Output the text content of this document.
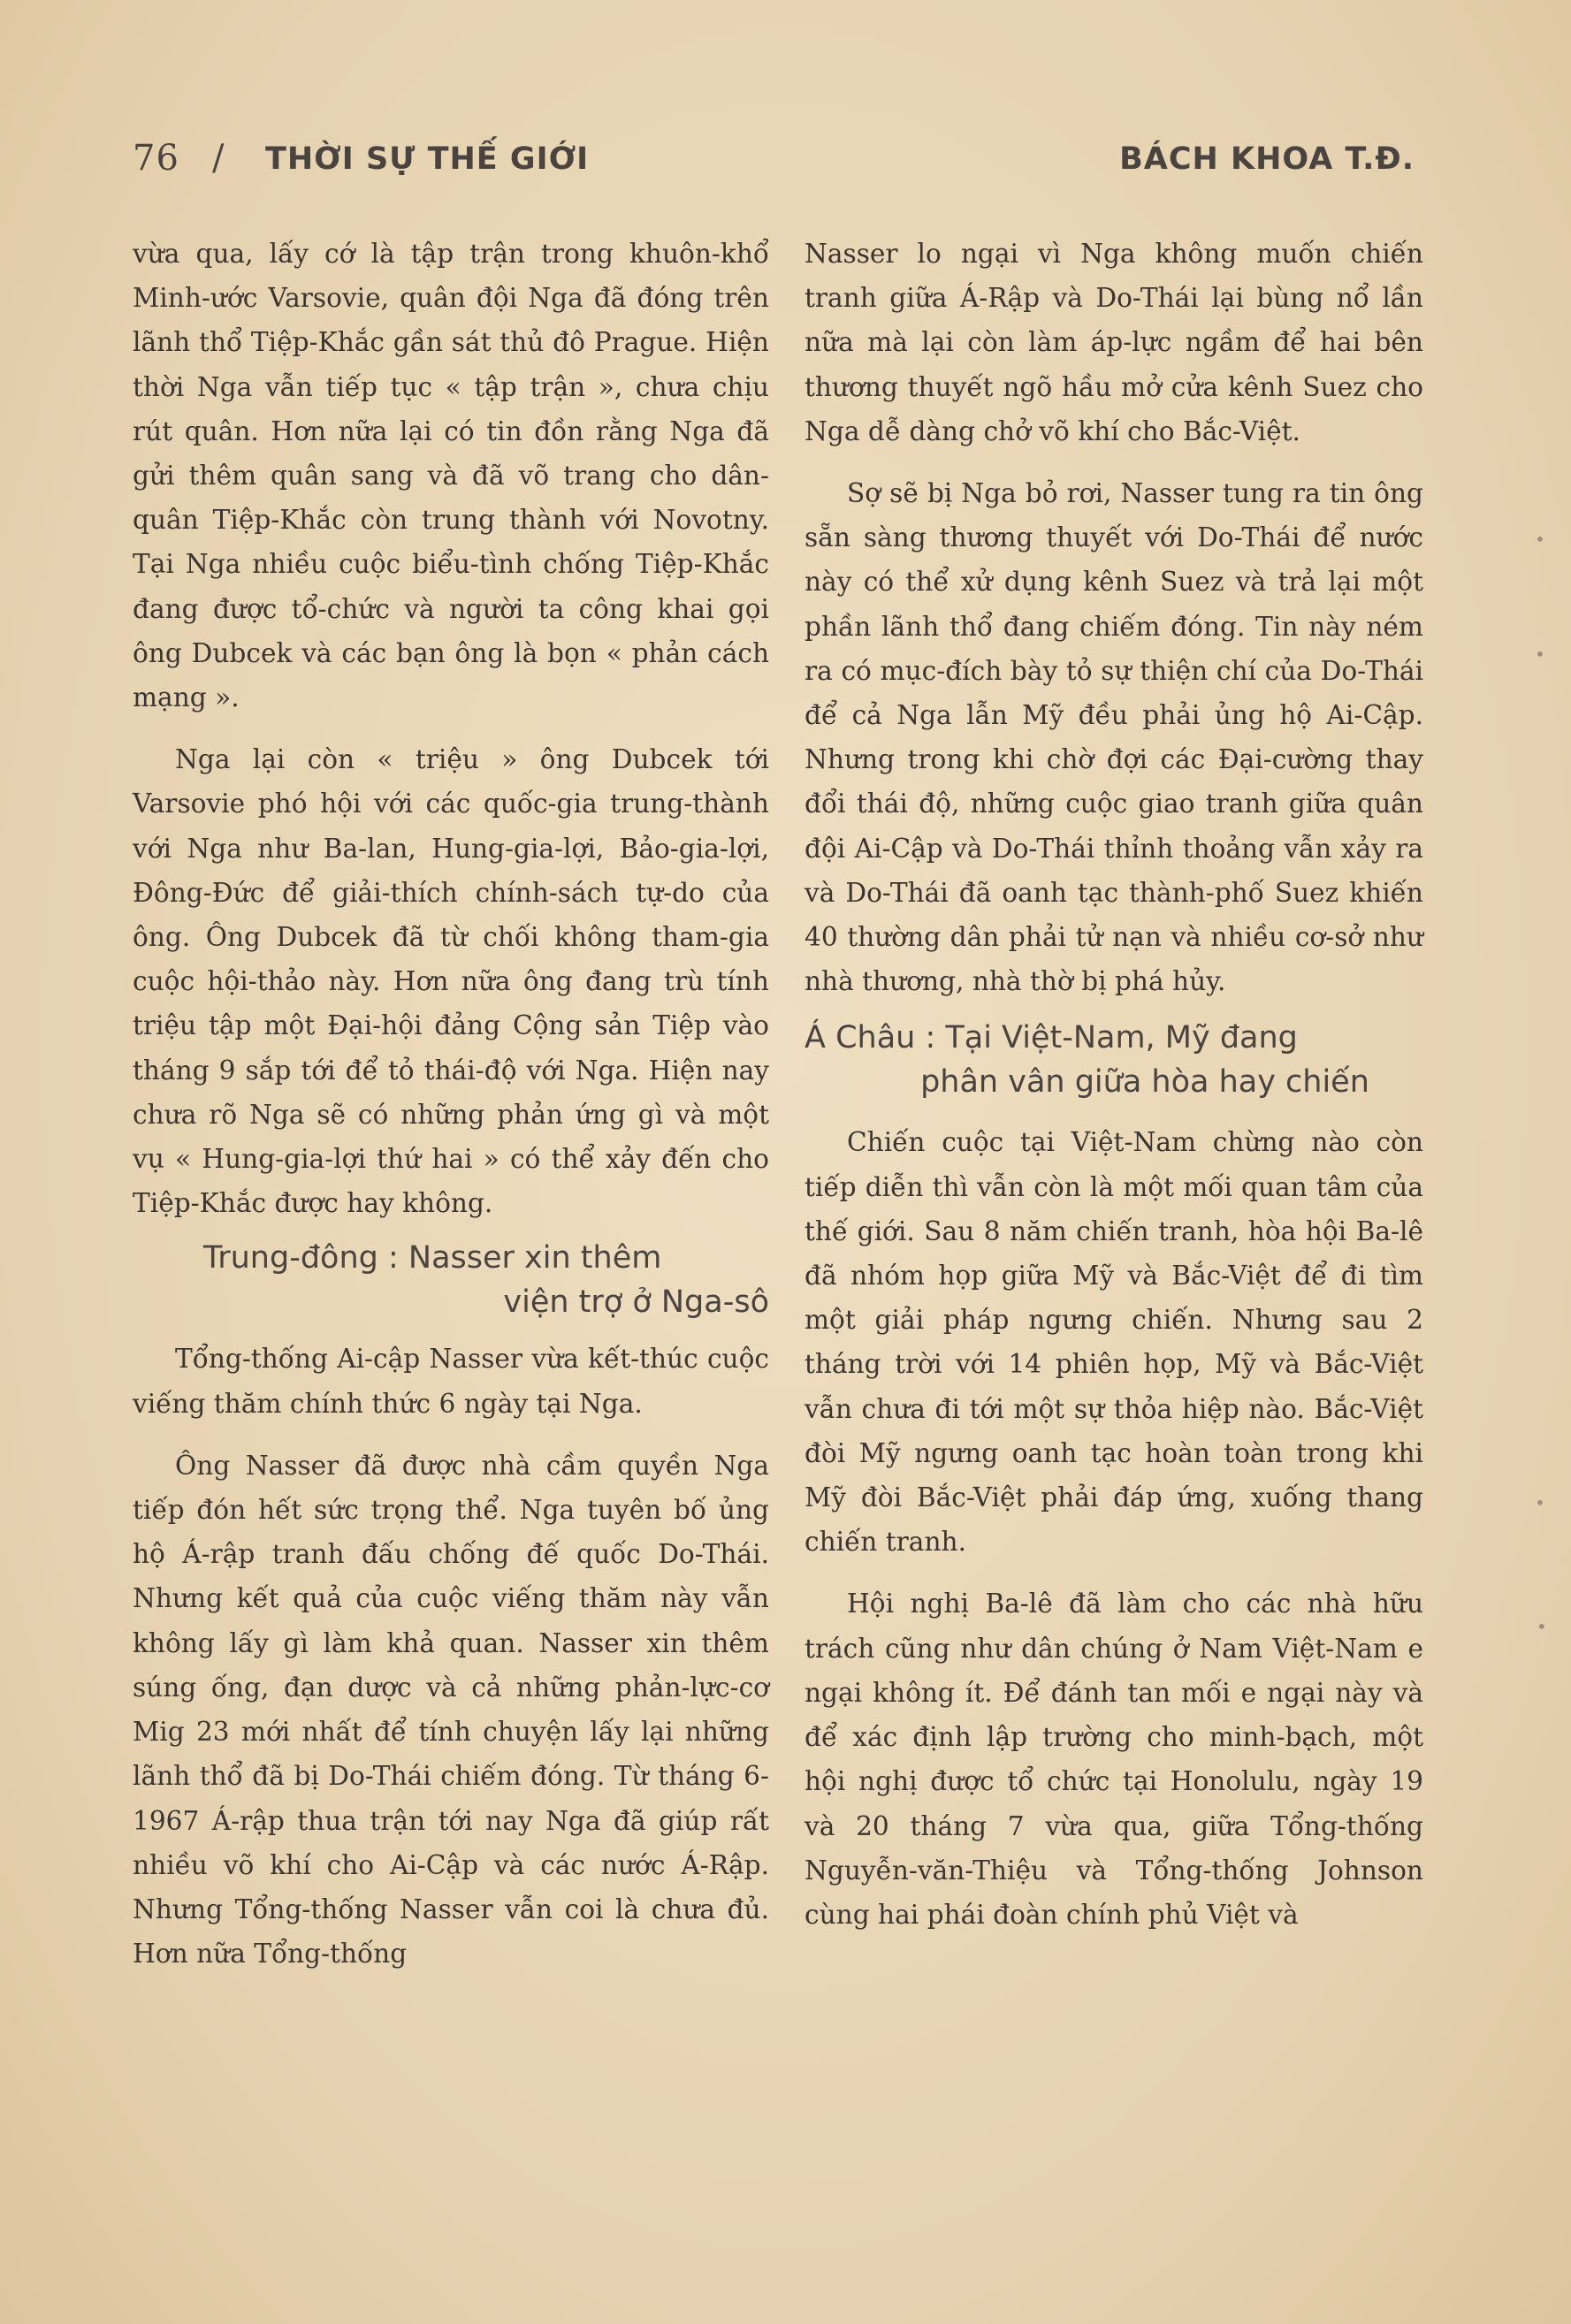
76 / THỜI SỰ THẾ GIỚI	BÁCH KHOA T.Đ.

vừa qua, lấy cớ là tập trận trong khuôn-khổ Minh-ước Varsovie, quân đội Nga đã đóng trên lãnh thổ Tiệp-Khắc gần sát thủ đô Prague. Hiện thời Nga vẫn tiếp tục « tập trận », chưa chịu rút quân. Hơn nữa lại có tin đồn rằng Nga đã gửi thêm quân sang và đã võ trang cho dân-quân Tiệp-Khắc còn trung thành với Novotny. Tại Nga nhiều cuộc biểu-tình chống Tiệp-Khắc đang được tổ-chức và người ta công khai gọi ông Dubcek và các bạn ông là bọn « phản cách mạng ».

Nga lại còn « triệu » ông Dubcek tới Varsovie phó hội với các quốc-gia trung-thành với Nga như Ba-lan, Hung-gia-lợi, Bảo-gia-lợi, Đông-Đức để giải-thích chính-sách tự-do của ông. Ông Dubcek đã từ chối không tham-gia cuộc hội-thảo này. Hơn nữa ông đang trù tính triệu tập một Đại-hội đảng Cộng sản Tiệp vào tháng 9 sắp tới để tỏ thái-độ với Nga. Hiện nay chưa rõ Nga sẽ có những phản ứng gì và một vụ « Hung-gia-lợi thứ hai » có thể xảy đến cho Tiệp-Khắc được hay không.

Trung-đông : Nasser xin thêm
viện trợ ở Nga-sô

Tổng-thống Ai-cập Nasser vừa kết-thúc cuộc viếng thăm chính thức 6 ngày tại Nga.

Ông Nasser đã được nhà cầm quyền Nga tiếp đón hết sức trọng thể. Nga tuyên bố ủng hộ Á-rập tranh đấu chống đế quốc Do-Thái. Nhưng kết quả của cuộc viếng thăm này vẫn không lấy gì làm khả quan. Nasser xin thêm súng ống, đạn dược và cả những phản-lực-cơ Mig 23 mới nhất để tính chuyện lấy lại những lãnh thổ đã bị Do-Thái chiếm đóng. Từ tháng 6-1967 Á-rập thua trận tới nay Nga đã giúp rất nhiều võ khí cho Ai-Cập và các nước Á-Rập. Nhưng Tổng-thống Nasser vẫn coi là chưa đủ. Hơn nữa Tổng-thống

Nasser lo ngại vì Nga không muốn chiến tranh giữa Á-Rập và Do-Thái lại bùng nổ lần nữa mà lại còn làm áp-lực ngầm để hai bên thương thuyết ngõ hầu mở cửa kênh Suez cho Nga dễ dàng chở võ khí cho Bắc-Việt.

Sợ sẽ bị Nga bỏ rơi, Nasser tung ra tin ông sẵn sàng thương thuyết với Do-Thái để nước này có thể xử dụng kênh Suez và trả lại một phần lãnh thổ đang chiếm đóng. Tin này ném ra có mục-đích bày tỏ sự thiện chí của Do-Thái để cả Nga lẫn Mỹ đều phải ủng hộ Ai-Cập. Nhưng trong khi chờ đợi các Đại-cường thay đổi thái độ, những cuộc giao tranh giữa quân đội Ai-Cập và Do-Thái thỉnh thoảng vẫn xảy ra và Do-Thái đã oanh tạc thành-phố Suez khiến 40 thường dân phải tử nạn và nhiều cơ-sở như nhà thương, nhà thờ bị phá hủy.

Á Châu : Tại Việt-Nam, Mỹ đang
phân vân giữa hòa hay chiến

Chiến cuộc tại Việt-Nam chừng nào còn tiếp diễn thì vẫn còn là một mối quan tâm của thế giới. Sau 8 năm chiến tranh, hòa hội Ba-lê đã nhóm họp giữa Mỹ và Bắc-Việt để đi tìm một giải pháp ngưng chiến. Nhưng sau 2 tháng trời với 14 phiên họp, Mỹ và Bắc-Việt vẫn chưa đi tới một sự thỏa hiệp nào. Bắc-Việt đòi Mỹ ngưng oanh tạc hoàn toàn trong khi Mỹ đòi Bắc-Việt phải đáp ứng, xuống thang chiến tranh.

Hội nghị Ba-lê đã làm cho các nhà hữu trách cũng như dân chúng ở Nam Việt-Nam e ngại không ít. Để đánh tan mối e ngại này và để xác định lập trường cho minh-bạch, một hội nghị được tổ chức tại Honolulu, ngày 19 và 20 tháng 7 vừa qua, giữa Tổng-thống Nguyễn-văn-Thiệu và Tổng-thống Johnson cùng hai phái đoàn chính phủ Việt và

•
•
•
•
